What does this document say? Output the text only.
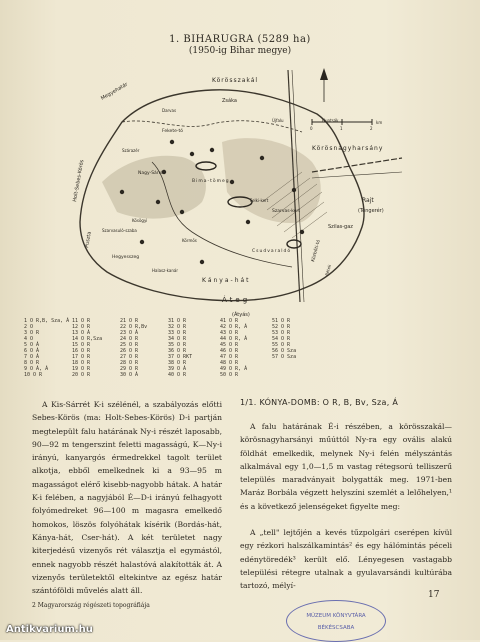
1. BIHARUGRA (5289 ha)
(1950-ig Bihar megye)
Megyehatár
Körösszakál
Körösnagyharsány
Zsáka
Fekete-tó
Nagy-Sárrét
Szarvas-kert
Bima-tömeg
Csudvaraldó
Kánya-hát
Áteg
(Átyás)
Hegyesszeg
Felki-kert
Szilas-gaz
Közbőti-tó
Rétek
Rajt
(Tengerér)
Halasz-kanár
Puszta
Holt-Sebes-Körös
Kösögyi
Szarvasuló-szaba
Szárazér
Körmös
Huntsák
Újfalu
Darvas
0	1	2
km
1 O R,B, Sza, Á
2 O
3 O R
4 O
5 O Á
6 O Á
7 O Á
8 O R
9 O Á, Á
10 O R
11 O R
12 O R
13 O Á
14 O R,Sza
15 O R
16 O R
17 O R
18 O R
19 O R
20 O R
21 O R
22 O R,Bv
23 O Á
24 O R
25 O R
26 O R
27 O R
28 O R
29 O R
30 O Á
31 O R
32 O R
33 O R
34 O R
35 O R
36 O R
37 O RKT
38 O R
39 O Á
40 O R
41 O R
42 O R, Á
43 O R
44 O R, Á
45 O R
46 O R
47 O R
48 O R
49 O R, Á
50 O R
51 O R
52 O R
53 O R
54 O R
55 O R
56 O Sza
57 O Sza

A Kis-Sárrét K-i szélénél, a szabályozás előtti Sebes-Körös (ma: Holt-Sebes-Körös) D-i partján megtelepült falu határának Ny-i részét laposabb, 90—92 m tengerszint feletti magasságú, K—Ny-i irányú, kanyargós érmedrekkel tagolt terület alkotja, ebből emelkednek ki a 93—95 m magasságot elérő kisebb-nagyobb hátak. A határ K-i felében, a nagyjából É—D-i irányú felhagyott folyómedreket 96—100 m magasra emelkedő homokos, löszös folyóhátak kísérik (Bordás-hát, Kánya-hát, Cser-hát). A két területet nagy kiterjedésű vizenyős rét választja el egymástól, ennek nagyobb részét halastóvá alakították át. A vizenyős területektől eltekintve az egész határ szántóföldi művelés alatt áll.

1/1. KÓNYA-DOMB: O R, B, Bv, Sza, Á

A falu határának É-i részében, a körösszakál—körösnagyharsányi műúttól Ny-ra egy ovális alakú földhát emelkedik, melynek Ny-i felén mélyszántás alkalmával egy 1,0—1,5 m vastag rétegsorú telliszerű település maradványait bolygatták meg. 1971-ben Maráz Borbála végzett helyszíni szemlét a lelőhelyen,¹ és a következő jelenségeket figyelte meg:

A „tell" lejtőjén a kevés tűzpolgári cserépen kívül egy rézkori halszálkamintás² és egy hálómintás péceli edénytöredék³ került elő. Lényegesen vastagabb települési rétegre utalnak a gyulavarsándi kultúrába tartozó, mélyí-

2 Magyarország régészeti topográfiája
17
MÚZEUM KÖNYVTÁRA
BÉKÉSCSABA
Antikvarium.hu
